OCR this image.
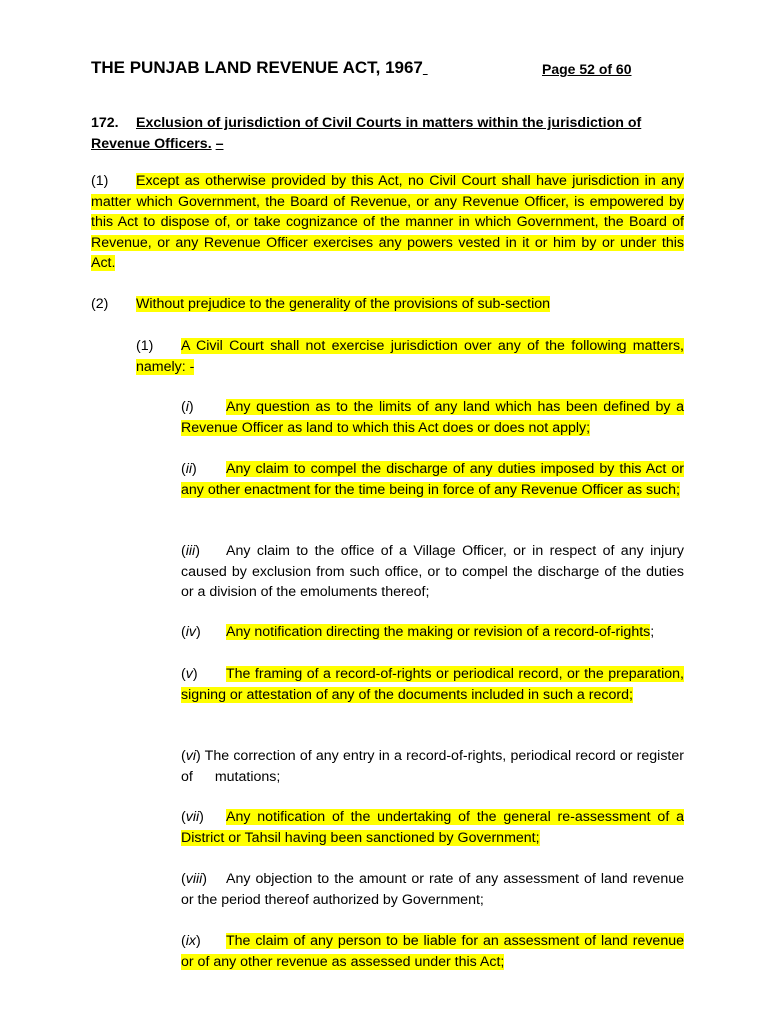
THE PUNJAB LAND REVENUE ACT, 1967	Page 52 of 60
172. Exclusion of jurisdiction of Civil Courts in matters within the jurisdiction of Revenue Officers. –
(1) Except as otherwise provided by this Act, no Civil Court shall have jurisdiction in any matter which Government, the Board of Revenue, or any Revenue Officer, is empowered by this Act to dispose of, or take cognizance of the manner in which Government, the Board of Revenue, or any Revenue Officer exercises any powers vested in it or him by or under this Act.
(2) Without prejudice to the generality of the provisions of sub-section
(1) A Civil Court shall not exercise jurisdiction over any of the following matters, namely: -
(i) Any question as to the limits of any land which has been defined by a Revenue Officer as land to which this Act does or does not apply;
(ii) Any claim to compel the discharge of any duties imposed by this Act or any other enactment for the time being in force of any Revenue Officer as such;
(iii) Any claim to the office of a Village Officer, or in respect of any injury caused by exclusion from such office, or to compel the discharge of the duties or a division of the emoluments thereof;
(iv) Any notification directing the making or revision of a record-of-rights;
(v) The framing of a record-of-rights or periodical record, or the preparation, signing or attestation of any of the documents included in such a record;
(vi) The correction of any entry in a record-of-rights, periodical record or register of mutations;
(vii) Any notification of the undertaking of the general re-assessment of a District or Tahsil having been sanctioned by Government;
(viii) Any objection to the amount or rate of any assessment of land revenue or the period thereof authorized by Government;
(ix) The claim of any person to be liable for an assessment of land revenue or of any other revenue as assessed under this Act;
